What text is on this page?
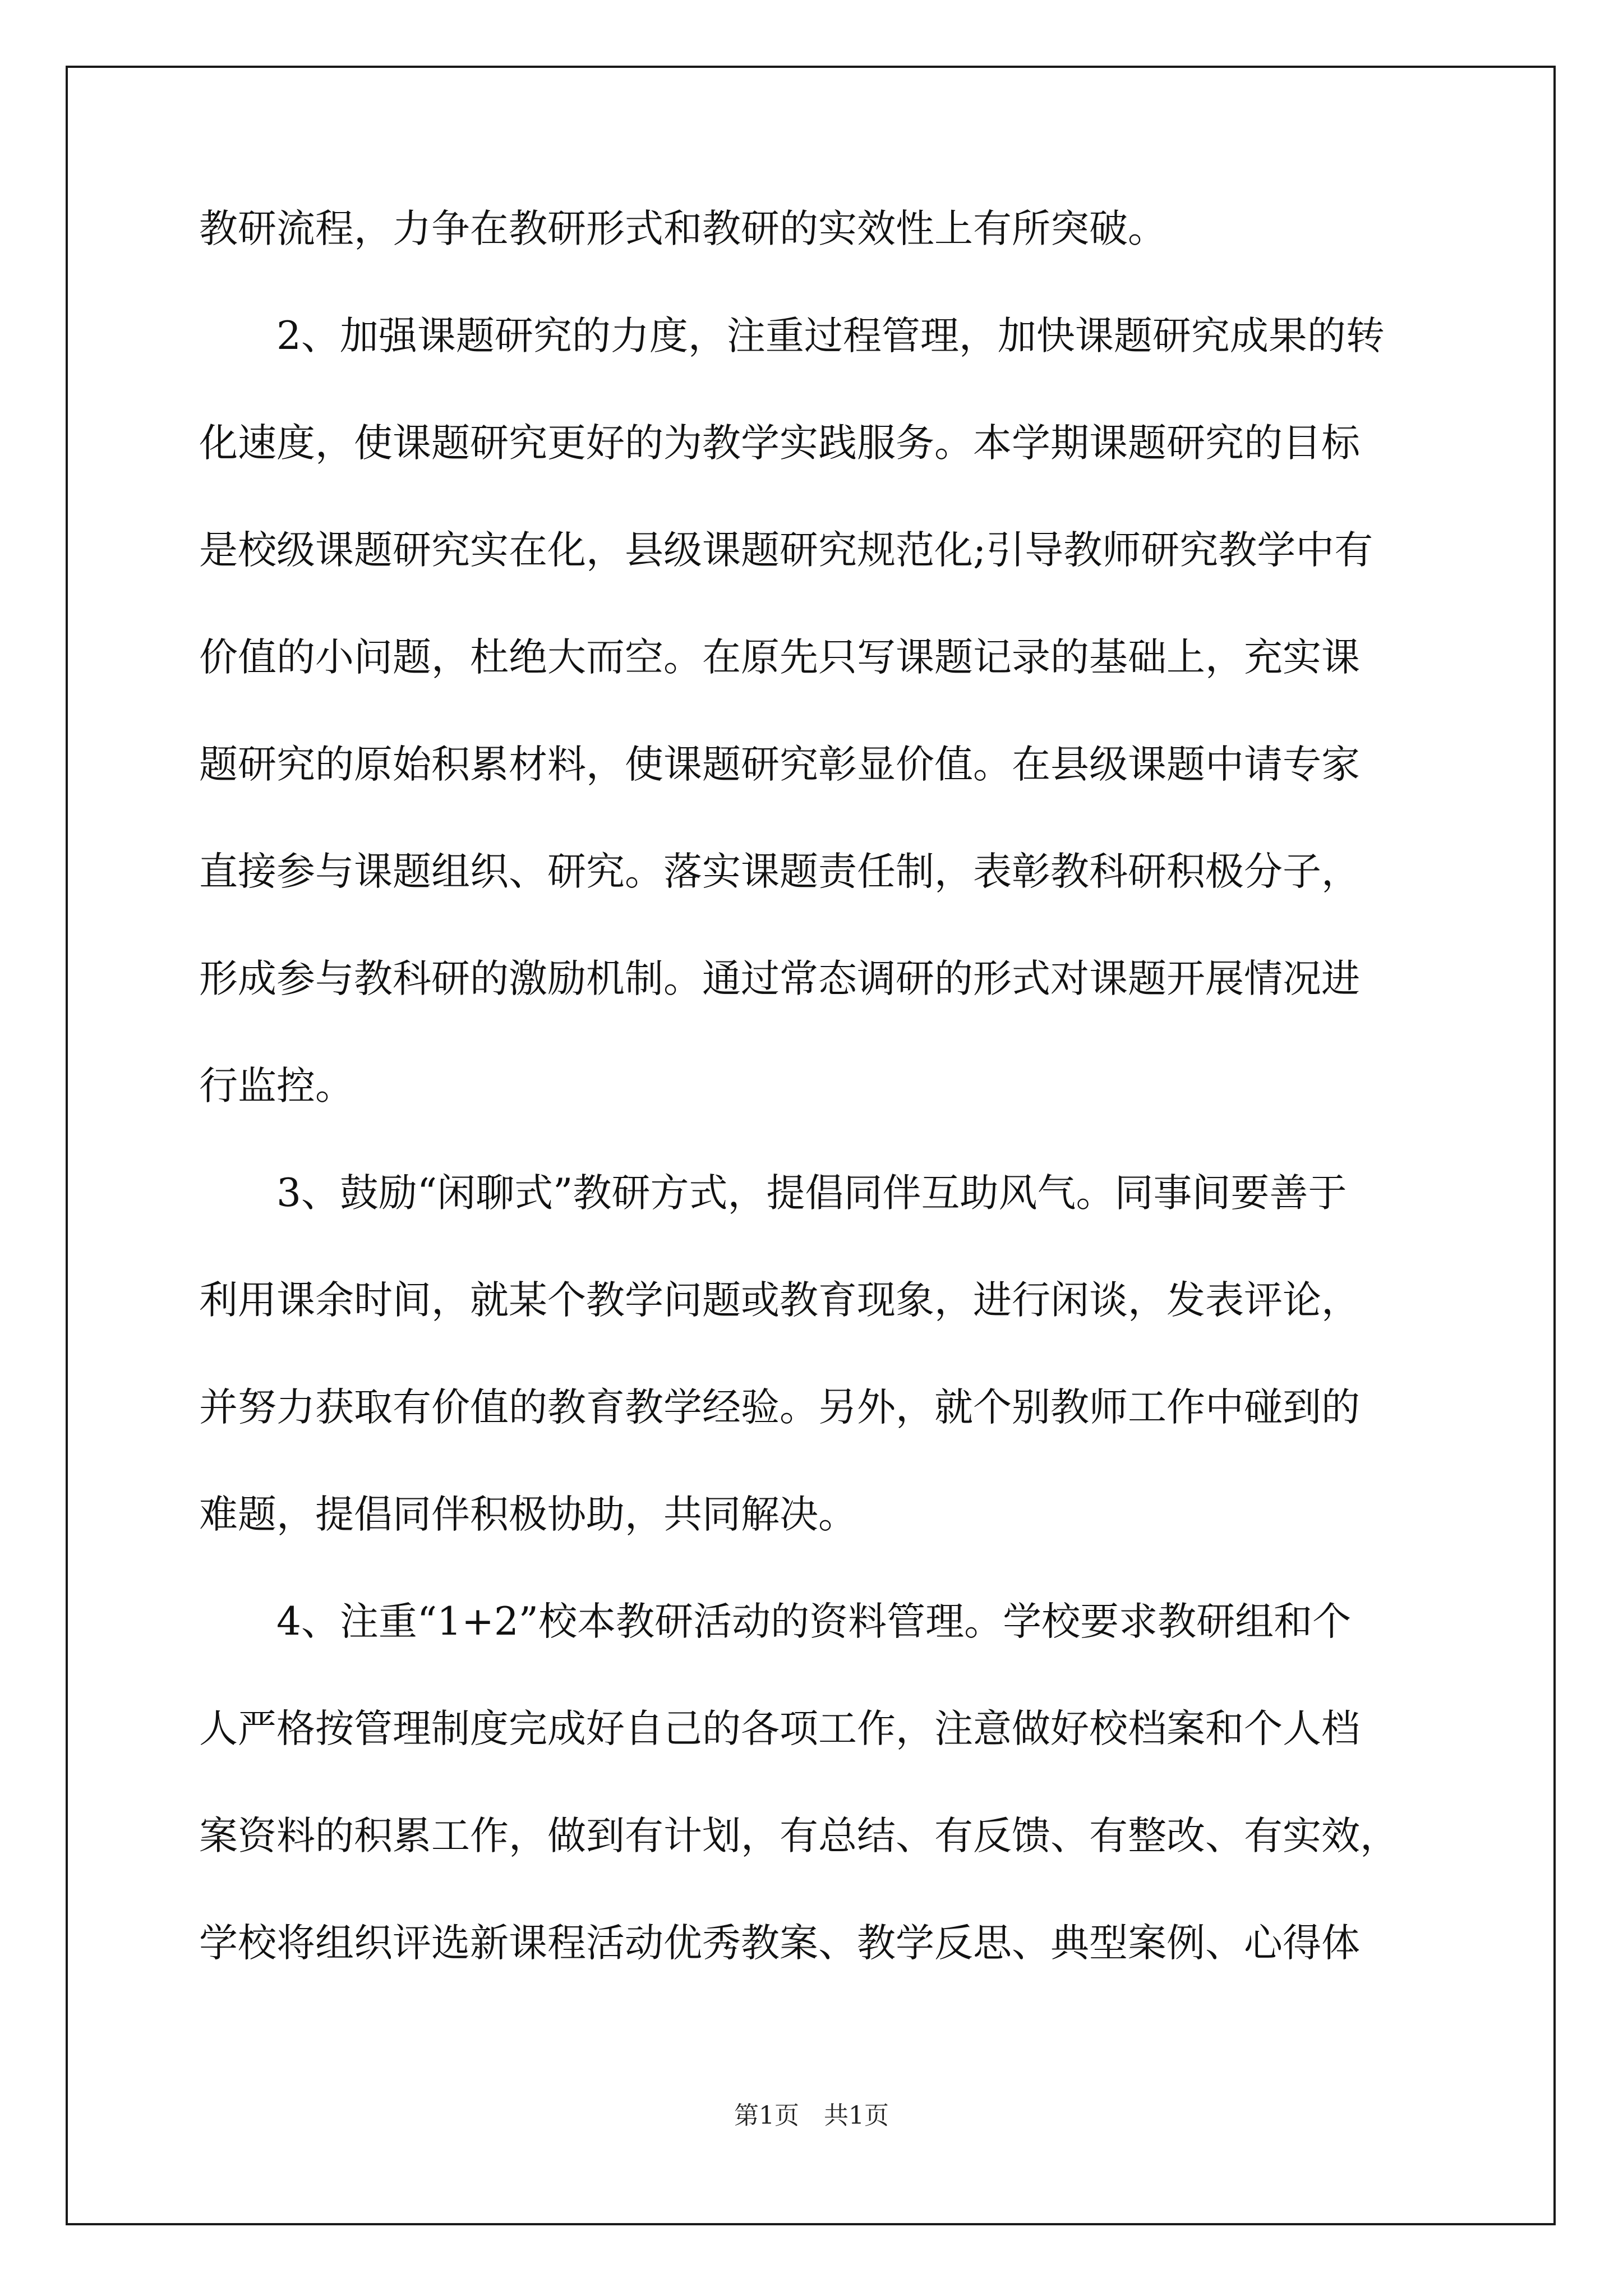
教研流程，力争在教研形式和教研的实效性上有所突破。
2、加强课题研究的力度，注重过程管理，加快课题研究成果的转
化速度，使课题研究更好的为教学实践服务。本学期课题研究的目标
是校级课题研究实在化，县级课题研究规范化;引导教师研究教学中有
价值的小问题，杜绝大而空。在原先只写课题记录的基础上，充实课
题研究的原始积累材料，使课题研究彰显价值。在县级课题中请专家
直接参与课题组织、研究。落实课题责任制，表彰教科研积极分子，
形成参与教科研的激励机制。通过常态调研的形式对课题开展情况进
行监控。
3、鼓励“闲聊式”教研方式，提倡同伴互助风气。同事间要善于
利用课余时间，就某个教学问题或教育现象，进行闲谈，发表评论，
并努力获取有价值的教育教学经验。另外，就个别教师工作中碰到的
难题，提倡同伴积极协助，共同解决。
4、注重“1+2”校本教研活动的资料管理。学校要求教研组和个
人严格按管理制度完成好自己的各项工作，注意做好校档案和个人档
案资料的积累工作，做到有计划，有总结、有反馈、有整改、有实效，
学校将组织评选新课程活动优秀教案、教学反思、典型案例、心得体
第1页　共1页
